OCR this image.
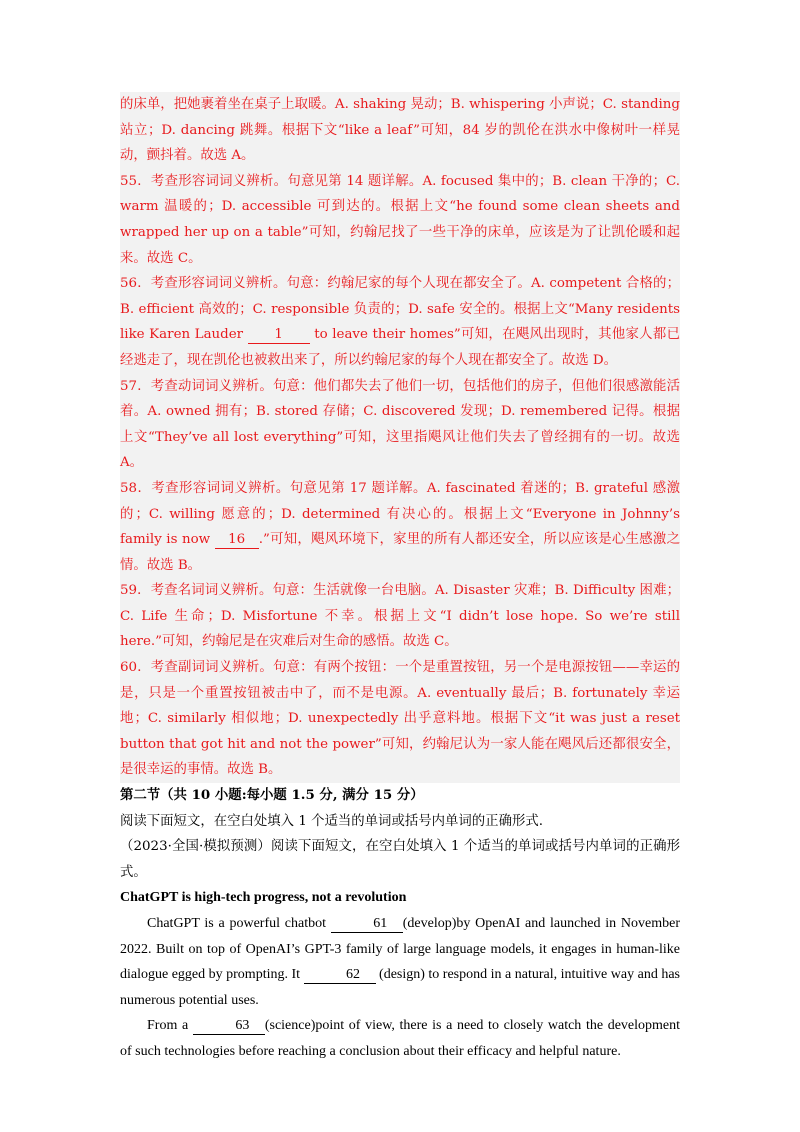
的床单，把她裹着坐在桌子上取暖。A. shaking 晃动；B. whispering 小声说；C. standing 站立；D. dancing 跳舞。根据下文“like a leaf”可知，84 岁的凯伦在洪水中像树叶一样晃动，颤抖着。故选 A。

55．考查形容词词义辨析。句意见第 14 题详解。A. focused 集中的；B. clean 干净的；C. warm 温暖的；D. accessible 可到达的。根据上文“he found some clean sheets and wrapped her up on a table”可知，约翰尼找了一些干净的床单，应该是为了让凯伦暖和起来。故选 C。

56．考查形容词词义辨析。句意：约翰尼家的每个人现在都安全了。A. competent 合格的；B. efficient 高效的；C. responsible 负责的；D. safe 安全的。根据上文“Many residents like Karen Lauder 1 to leave their homes”可知，在飓风出现时，其他家人都已经逃走了，现在凯伦也被救出来了，所以约翰尼家的每个人现在都安全了。故选 D。

57．考查动词词义辨析。句意：他们都失去了他们一切，包括他们的房子，但他们很感激能活着。A. owned 拥有；B. stored 存储；C. discovered 发现；D. remembered 记得。根据上文“They’ve all lost everything”可知，这里指飓风让他们失去了曾经拥有的一切。故选 A。

58．考查形容词词义辨析。句意见第 17 题详解。A. fascinated 着迷的；B. grateful 感激的；C. willing 愿意的；D. determined 有决心的。根据上文“Everyone in Johnny’s family is now 16 .”可知，飓风环境下，家里的所有人都还安全，所以应该是心生感激之情。故选 B。

59．考查名词词义辨析。句意：生活就像一台电脑。A. Disaster 灾难；B. Difficulty 困难；C. Life 生命；D. Misfortune 不幸。根据上文“I didn’t lose hope. So we’re still here.”可知，约翰尼是在灾难后对生命的感悟。故选 C。

60．考查副词词义辨析。句意：有两个按钮：一个是重置按钮，另一个是电源按钮——幸运的是，只是一个重置按钮被击中了，而不是电源。A. eventually 最后；B. fortunately 幸运地；C. similarly 相似地；D. unexpectedly 出乎意料地。根据下文“it was just a reset button that got hit and not the power”可知，约翰尼认为一家人能在飓风后还都很安全，是很幸运的事情。故选 B。

第二节（共 10 小题:每小题 1.5 分, 满分 15 分）

阅读下面短文，在空白处填入 1 个适当的单词或括号内单词的正确形式.

（2023·全国·模拟预测）阅读下面短文，在空白处填入 1 个适当的单词或括号内单词的正确形式。

ChatGPT is high-tech progress, not a revolution

ChatGPT is a powerful chatbot	61 (develop)by OpenAI and launched in November 2022. Built on top of OpenAI’s GPT-3 family of large language models, it engages in human-like dialogue egged by prompting. It	62 (design) to respond in a natural, intuitive way and has numerous potential uses.

From a	63 (science)point of view, there is a need to closely watch the development of such technologies before reaching a conclusion about their efficacy and helpful nature.
